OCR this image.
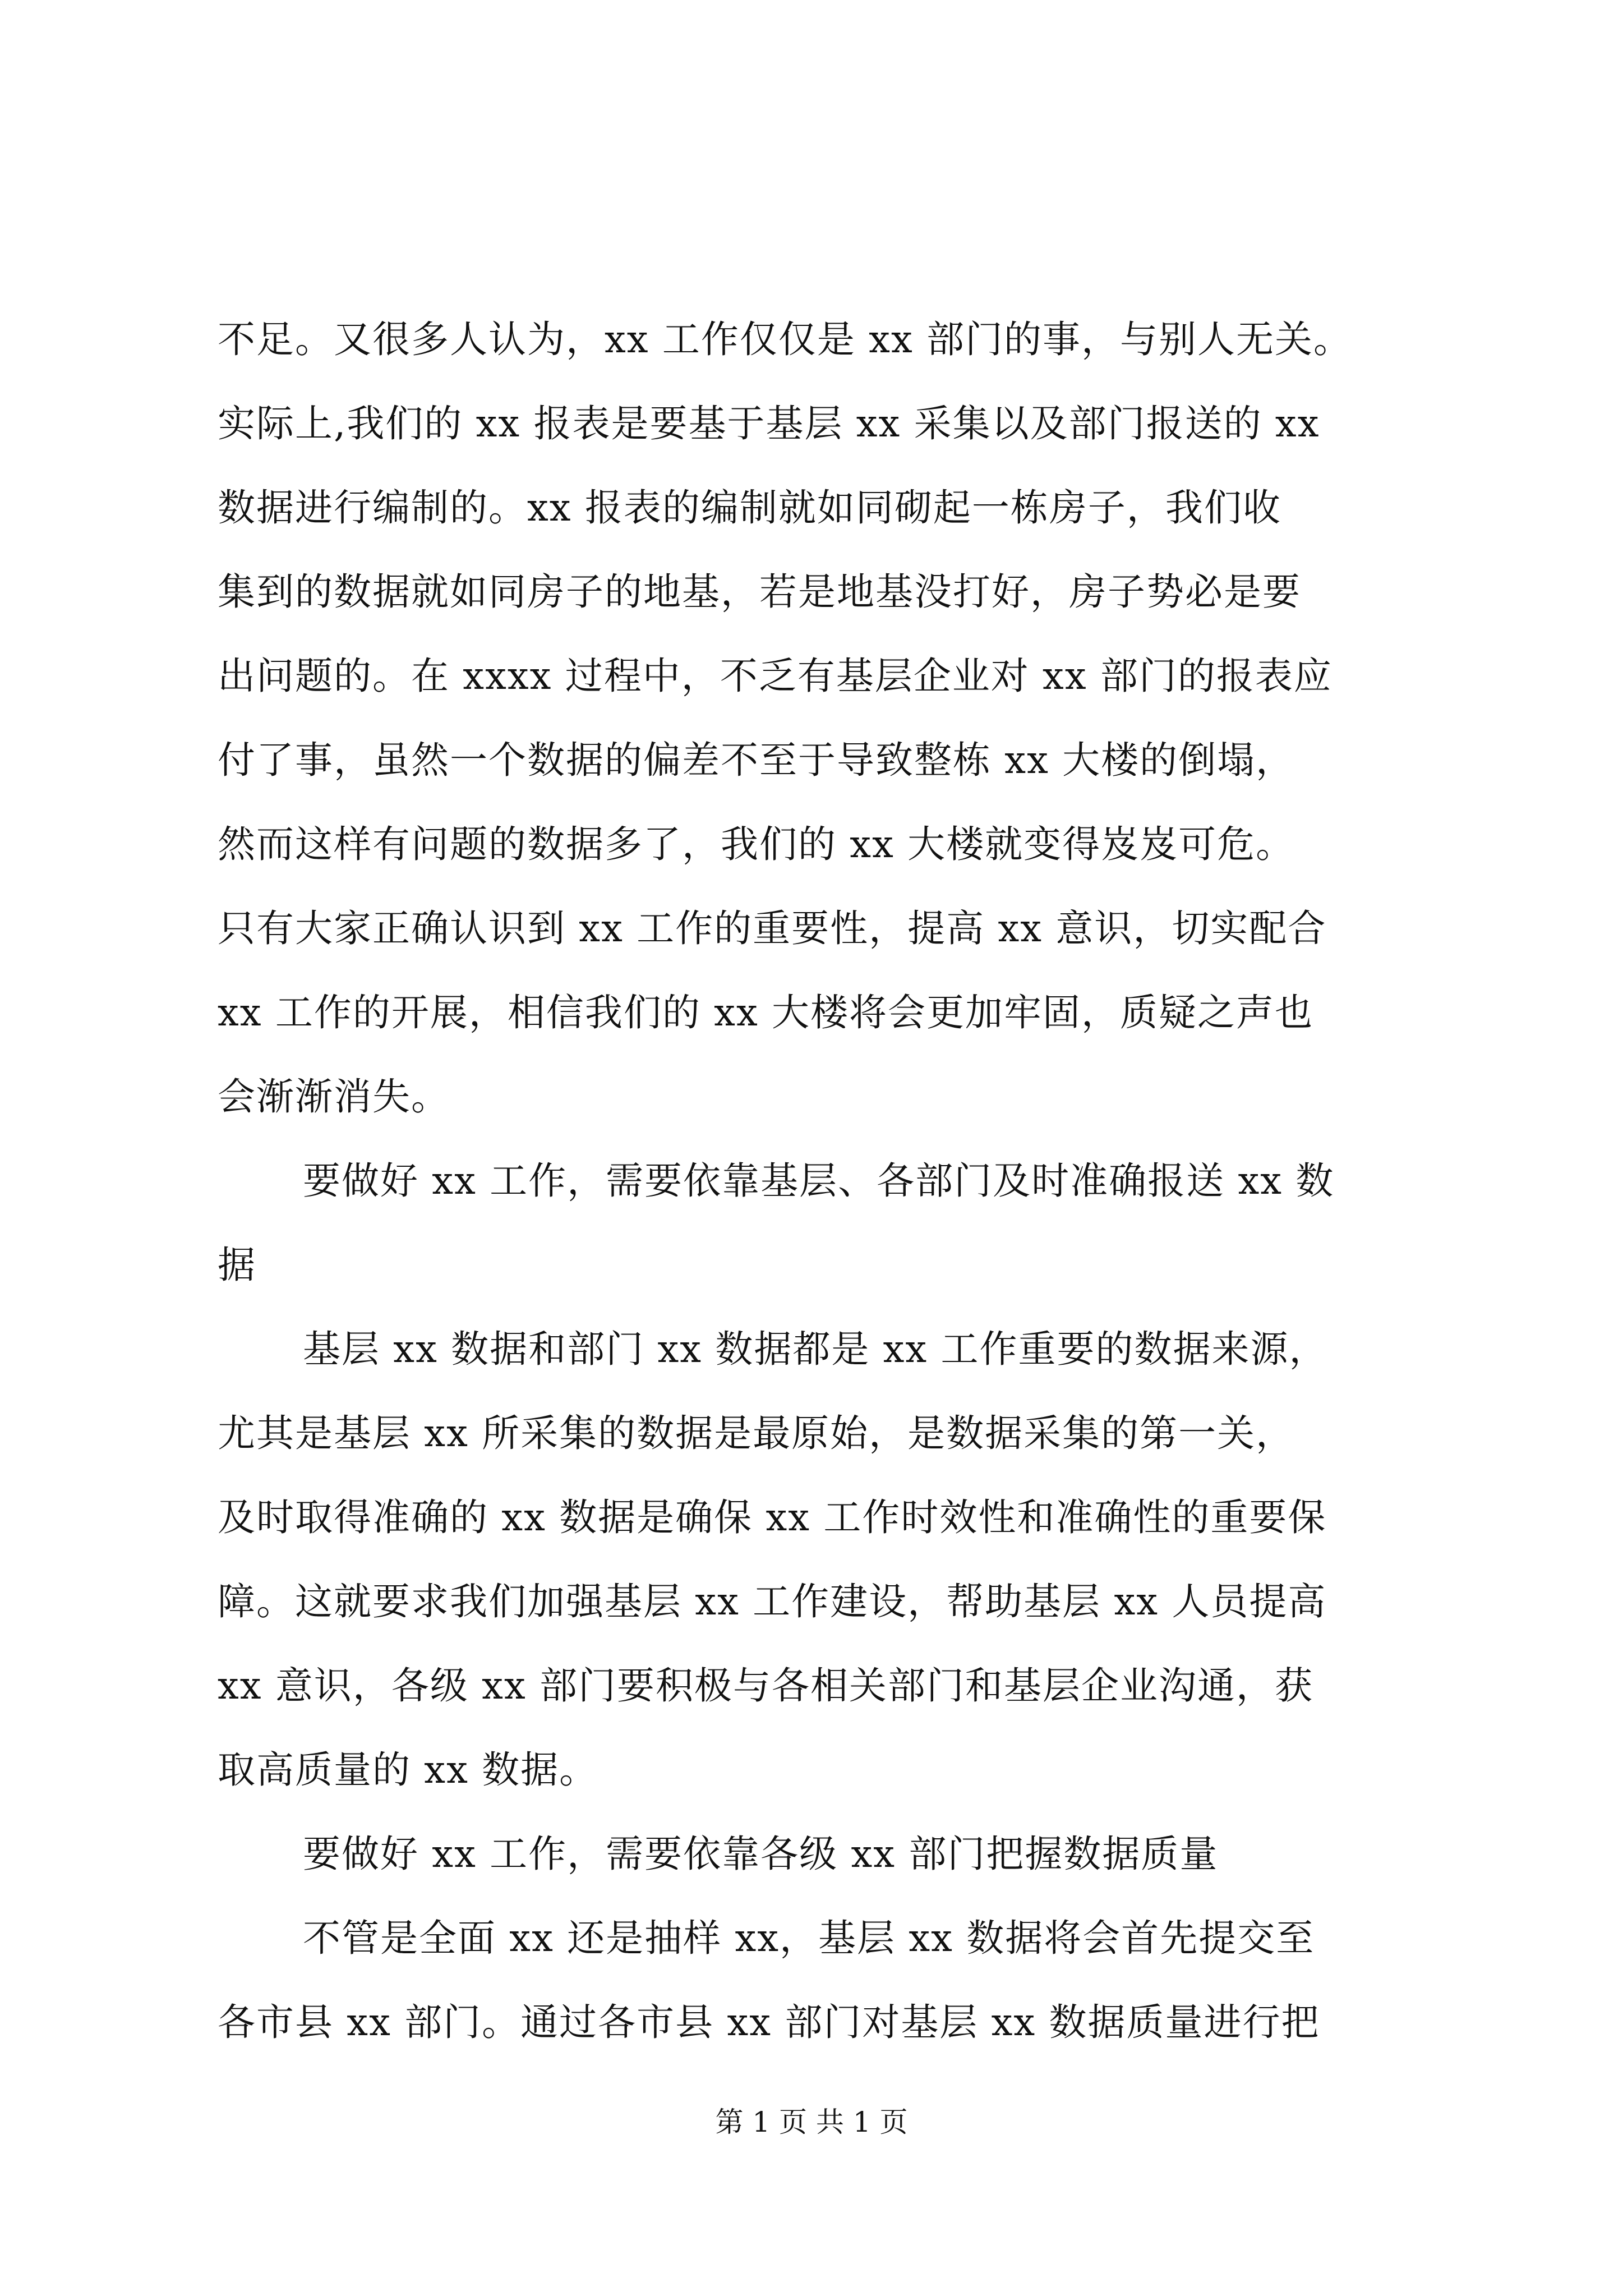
不足。又很多人认为，xx 工作仅仅是 xx 部门的事，与别人无关。
实际上,我们的 xx 报表是要基于基层 xx 采集以及部门报送的 xx
数据进行编制的。xx 报表的编制就如同砌起一栋房子，我们收
集到的数据就如同房子的地基，若是地基没打好，房子势必是要
出问题的。在 xxxx 过程中，不乏有基层企业对 xx 部门的报表应
付了事，虽然一个数据的偏差不至于导致整栋 xx 大楼的倒塌，
然而这样有问题的数据多了，我们的 xx 大楼就变得岌岌可危。
只有大家正确认识到 xx 工作的重要性，提高 xx 意识，切实配合
xx 工作的开展，相信我们的 xx 大楼将会更加牢固，质疑之声也
会渐渐消失。
要做好 xx 工作，需要依靠基层、各部门及时准确报送 xx 数
据
基层 xx 数据和部门 xx 数据都是 xx 工作重要的数据来源，
尤其是基层 xx 所采集的数据是最原始，是数据采集的第一关，
及时取得准确的 xx 数据是确保 xx 工作时效性和准确性的重要保
障。这就要求我们加强基层 xx 工作建设，帮助基层 xx 人员提高
xx 意识，各级 xx 部门要积极与各相关部门和基层企业沟通，获
取高质量的 xx 数据。
要做好 xx 工作，需要依靠各级 xx 部门把握数据质量
不管是全面 xx 还是抽样 xx，基层 xx 数据将会首先提交至
各市县 xx 部门。通过各市县 xx 部门对基层 xx 数据质量进行把
第 1 页 共 1 页
